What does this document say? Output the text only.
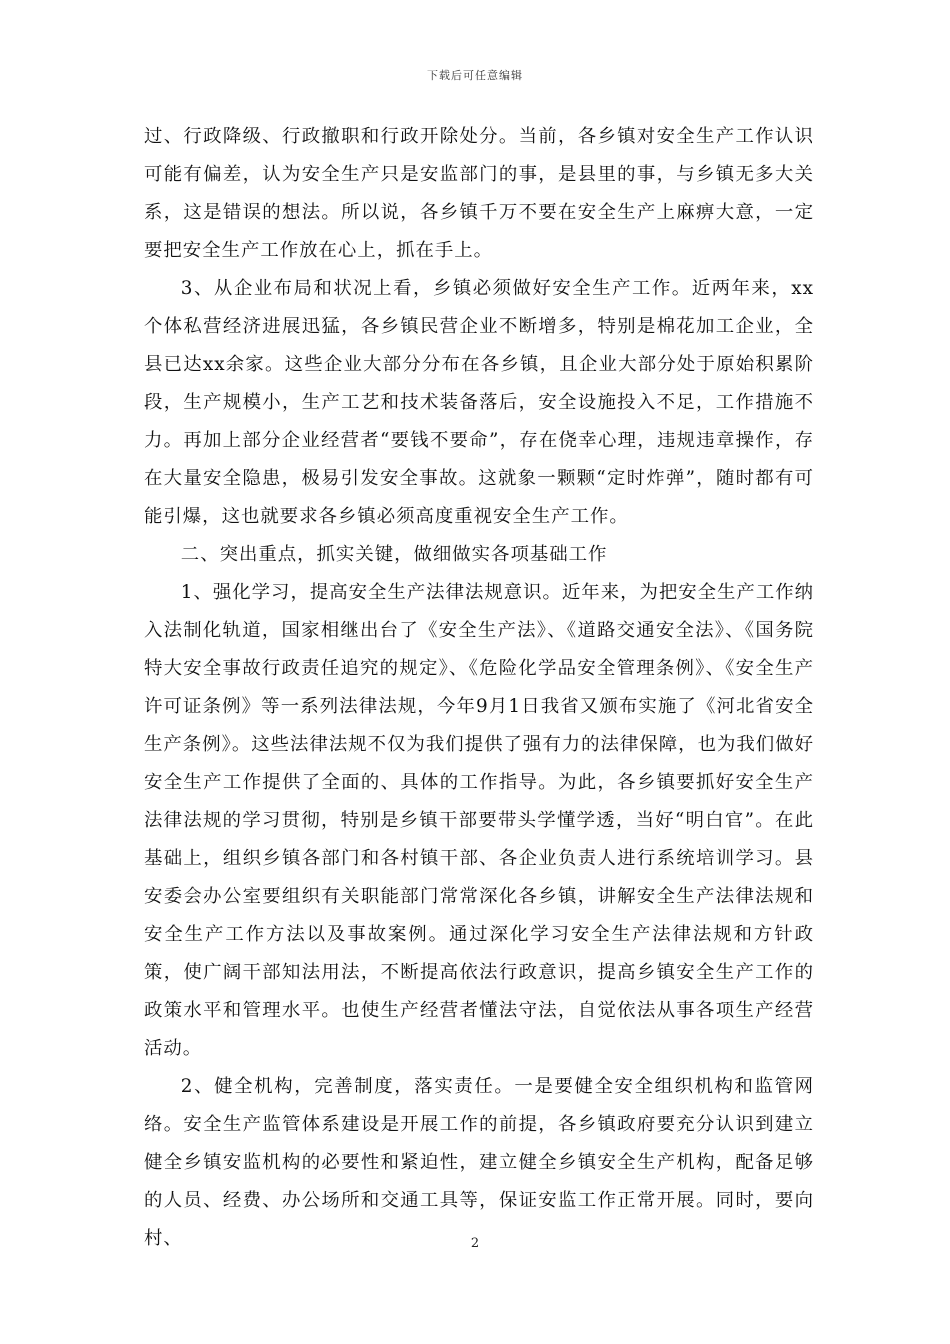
下载后可任意编辑

过、行政降级、行政撤职和行政开除处分。当前，各乡镇对安全生产工作认识可能有偏差，认为安全生产只是安监部门的事，是县里的事，与乡镇无多大关系，这是错误的想法。所以说，各乡镇千万不要在安全生产上麻痹大意，一定要把安全生产工作放在心上，抓在手上。

3、从企业布局和状况上看，乡镇必须做好安全生产工作。近两年来，xx个体私营经济进展迅猛，各乡镇民营企业不断增多，特别是棉花加工企业，全县已达xx余家。这些企业大部分分布在各乡镇，且企业大部分处于原始积累阶段，生产规模小，生产工艺和技术装备落后，安全设施投入不足，工作措施不力。再加上部分企业经营者“要钱不要命”，存在侥幸心理，违规违章操作，存在大量安全隐患，极易引发安全事故。这就象一颗颗“定时炸弹”，随时都有可能引爆，这也就要求各乡镇必须高度重视安全生产工作。

二、突出重点，抓实关键，做细做实各项基础工作

1、强化学习，提高安全生产法律法规意识。近年来，为把安全生产工作纳入法制化轨道，国家相继出台了《安全生产法》、《道路交通安全法》、《国务院特大安全事故行政责任追究的规定》、《危险化学品安全管理条例》、《安全生产许可证条例》等一系列法律法规，今年9月1日我省又颁布实施了《河北省安全生产条例》。这些法律法规不仅为我们提供了强有力的法律保障，也为我们做好安全生产工作提供了全面的、具体的工作指导。为此，各乡镇要抓好安全生产法律法规的学习贯彻，特别是乡镇干部要带头学懂学透，当好“明白官”。在此基础上，组织乡镇各部门和各村镇干部、各企业负责人进行系统培训学习。县安委会办公室要组织有关职能部门常常深化各乡镇，讲解安全生产法律法规和安全生产工作方法以及事故案例。通过深化学习安全生产法律法规和方针政策，使广阔干部知法用法，不断提高依法行政意识，提高乡镇安全生产工作的政策水平和管理水平。也使生产经营者懂法守法，自觉依法从事各项生产经营活动。

2、健全机构，完善制度，落实责任。一是要健全安全组织机构和监管网络。安全生产监管体系建设是开展工作的前提，各乡镇政府要充分认识到建立健全乡镇安监机构的必要性和紧迫性，建立健全乡镇安全生产机构，配备足够的人员、经费、办公场所和交通工具等，保证安监工作正常开展。同时，要向村、	2
